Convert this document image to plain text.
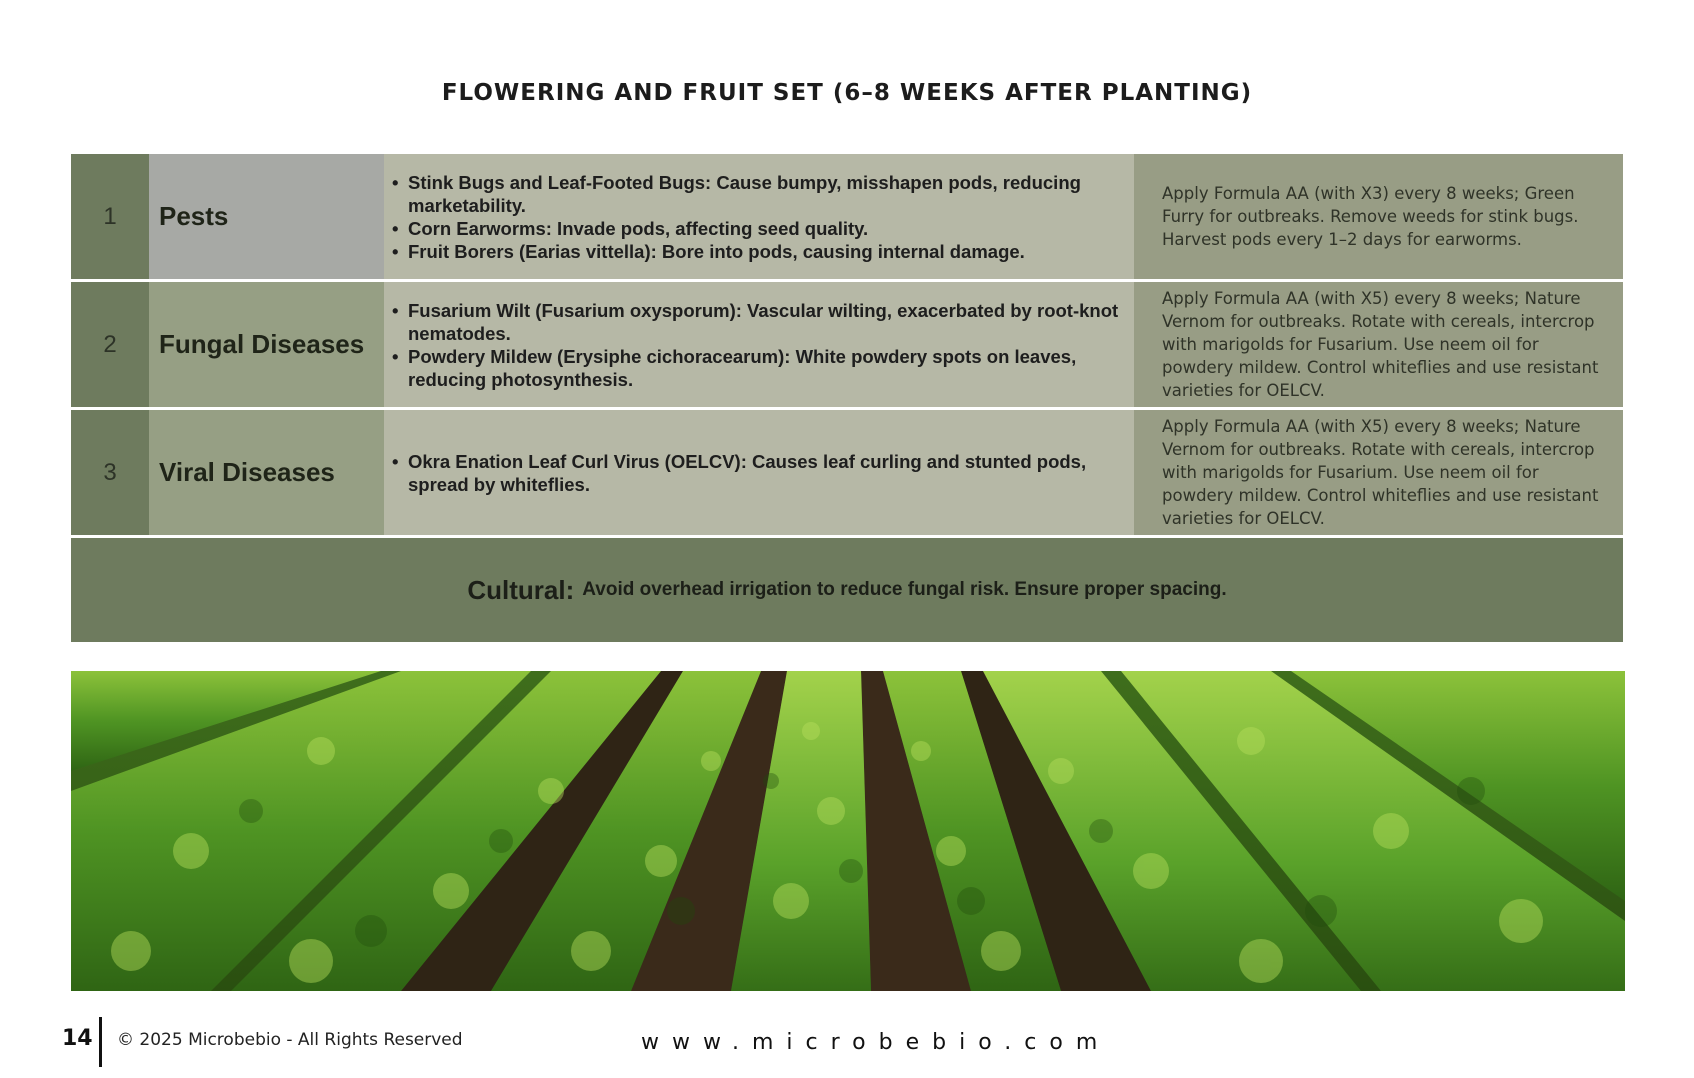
FLOWERING AND FRUIT SET (6–8 WEEKS AFTER PLANTING)
1	Pests
• Stink Bugs and Leaf-Footed Bugs: Cause bumpy, misshapen pods, reducing marketability.
• Corn Earworms: Invade pods, affecting seed quality.
• Fruit Borers (Earias vittella): Bore into pods, causing internal damage.
Apply Formula AA (with X3) every 8 weeks; Green Furry for outbreaks. Remove weeds for stink bugs. Harvest pods every 1–2 days for earworms.
2	Fungal Diseases
• Fusarium Wilt (Fusarium oxysporum): Vascular wilting, exacerbated by root-knot nematodes.
• Powdery Mildew (Erysiphe cichoracearum): White powdery spots on leaves, reducing photosynthesis.
Apply Formula AA (with X5) every 8 weeks; Nature Vernom for outbreaks. Rotate with cereals, intercrop with marigolds for Fusarium. Use neem oil for powdery mildew. Control whiteflies and use resistant varieties for OELCV.
3	Viral Diseases
•	Okra Enation Leaf Curl Virus (OELCV): Causes leaf curling and stunted pods, spread by whiteflies.
Apply Formula AA (with X5) every 8 weeks; Nature Vernom for outbreaks. Rotate with cereals, intercrop with marigolds for Fusarium. Use neem oil for powdery mildew. Control whiteflies and use resistant varieties for OELCV.
Cultural: Avoid overhead irrigation to reduce fungal risk. Ensure proper spacing.
14 © 2025 Microbebio - All Rights Reserved	www.microbebio.com
